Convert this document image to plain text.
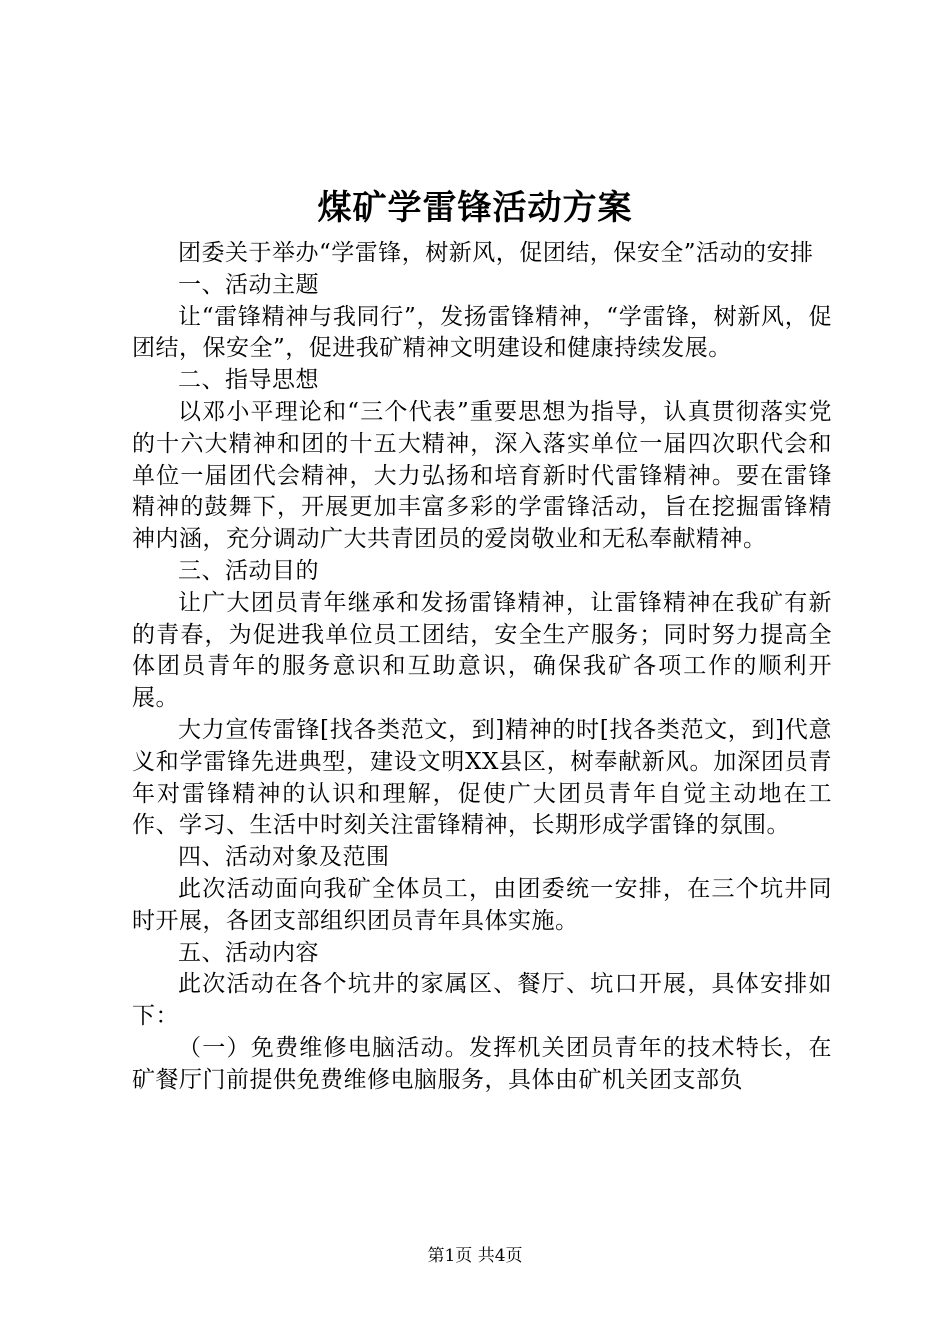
煤矿学雷锋活动方案

团委关于举办“学雷锋，树新风，促团结，保安全”活动的安排

一、活动主题

让“雷锋精神与我同行”，发扬雷锋精神，“学雷锋，树新风，促团结，保安全”，促进我矿精神文明建设和健康持续发展。

二、指导思想

以邓小平理论和“三个代表”重要思想为指导，认真贯彻落实党的十六大精神和团的十五大精神，深入落实单位一届四次职代会和单位一届团代会精神，大力弘扬和培育新时代雷锋精神。要在雷锋精神的鼓舞下，开展更加丰富多彩的学雷锋活动，旨在挖掘雷锋精神内涵，充分调动广大共青团员的爱岗敬业和无私奉献精神。

三、活动目的

让广大团员青年继承和发扬雷锋精神，让雷锋精神在我矿有新的青春，为促进我单位员工团结，安全生产服务；同时努力提高全体团员青年的服务意识和互助意识，确保我矿各项工作的顺利开展。

大力宣传雷锋[找各类范文，到]精神的时[找各类范文，到]代意义和学雷锋先进典型，建设文明XX县区，树奉献新风。加深团员青年对雷锋精神的认识和理解，促使广大团员青年自觉主动地在工作、学习、生活中时刻关注雷锋精神，长期形成学雷锋的氛围。

四、活动对象及范围

此次活动面向我矿全体员工，由团委统一安排，在三个坑井同时开展，各团支部组织团员青年具体实施。

五、活动内容

此次活动在各个坑井的家属区、餐厅、坑口开展，具体安排如下：

（一）免费维修电脑活动。发挥机关团员青年的技术特长，在矿餐厅门前提供免费维修电脑服务，具体由矿机关团支部负

第1页 共4页
